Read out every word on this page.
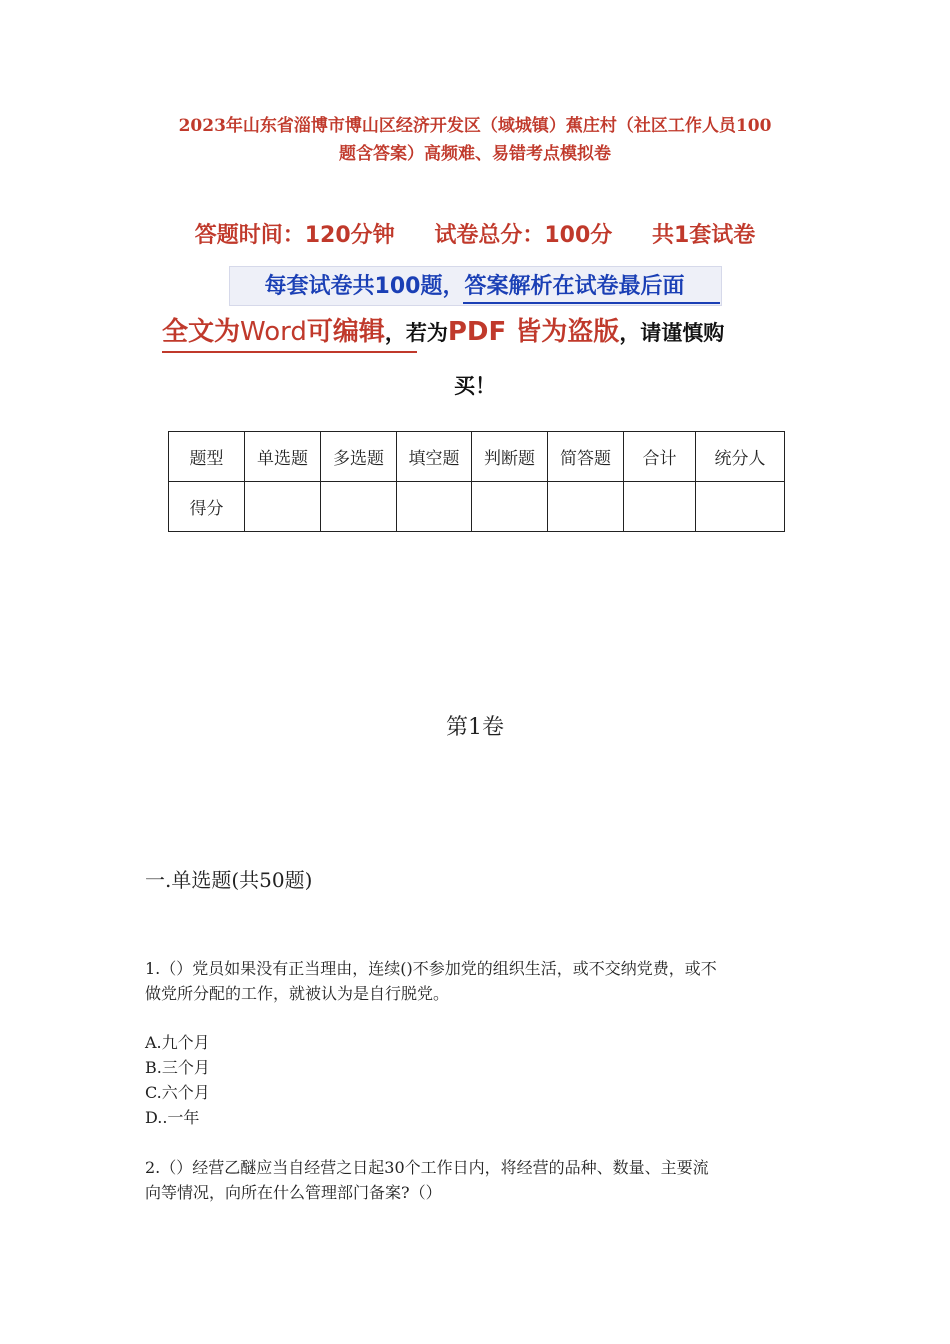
2023年山东省淄博市博山区经济开发区（域城镇）蕉庄村（社区工作人员100
题含答案）高频难、易错考点模拟卷
答题时间：120分钟 试卷总分：100分 共1套试卷
每套试卷共100题，答案解析在试卷最后面
全文为Word可编辑，若为PDF 皆为盗版，请谨慎购
买！
题型	单选题	多选题	填空题	判断题	简答题	合计	统分人
得分							
第1卷
一.单选题(共50题)
1.（）党员如果没有正当理由，连续()不参加党的组织生活，或不交纳党费，或不
做党所分配的工作，就被认为是自行脱党。
A.九个月
B.三个月
C.六个月
D..一年
2.（）经营乙醚应当自经营之日起30个工作日内，将经营的品种、数量、主要流
向等情况，向所在什么管理部门备案?（）
